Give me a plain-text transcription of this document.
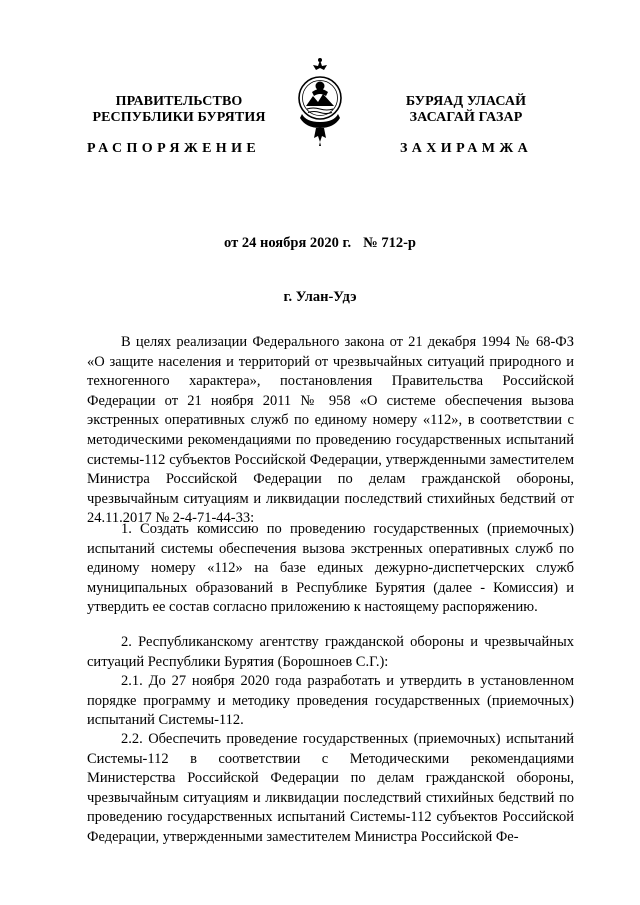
ПРАВИТЕЛЬСТВО
РЕСПУБЛИКИ БУРЯТИЯ
БУРЯАД УЛАСАЙ
ЗАСАГАЙ ГАЗАР
РАСПОРЯЖЕНИЕ	ЗАХИРАМЖА
от 24 ноября 2020 г. № 712-р
г. Улан-Удэ

В целях реализации Федерального закона от 21 декабря 1994 № 68-ФЗ «О защите населения и территорий от чрезвычайных ситуаций природного и техногенного характера», постановления Правительства Российской Федерации от 21 ноября 2011 № 958 «О системе обеспечения вызова экстренных оперативных служб по единому номеру «112», в соответствии с методическими рекомендациями по проведению государственных испытаний системы-112 субъектов Российской Федерации, утвержденными заместителем Министра Российской Федерации по делам гражданской обороны, чрезвычайным ситуациям и ликвидации последствий стихийных бедствий от 24.11.2017 № 2-4-71-44-33:

1. Создать комиссию по проведению государственных (приемочных) испытаний системы обеспечения вызова экстренных оперативных служб по единому номеру «112» на базе единых дежурно-диспетчерских служб муниципальных образований в Республике Бурятия (далее - Комиссия) и утвердить ее состав согласно приложению к настоящему распоряжению.

2. Республиканскому агентству гражданской обороны и чрезвычайных ситуаций Республики Бурятия (Борошноев С.Г.):

2.1. До 27 ноября 2020 года разработать и утвердить в установленном порядке программу и методику проведения государственных (приемочных) испытаний Системы-112.

2.2. Обеспечить проведение государственных (приемочных) испытаний Системы-112 в соответствии с Методическими рекомендациями Министерства Российской Федерации по делам гражданской обороны, чрезвычайным ситуациям и ликвидации последствий стихийных бедствий по проведению государственных испытаний Системы-112 субъектов Российской Федерации, утвержденными заместителем Министра Российской Фе-
